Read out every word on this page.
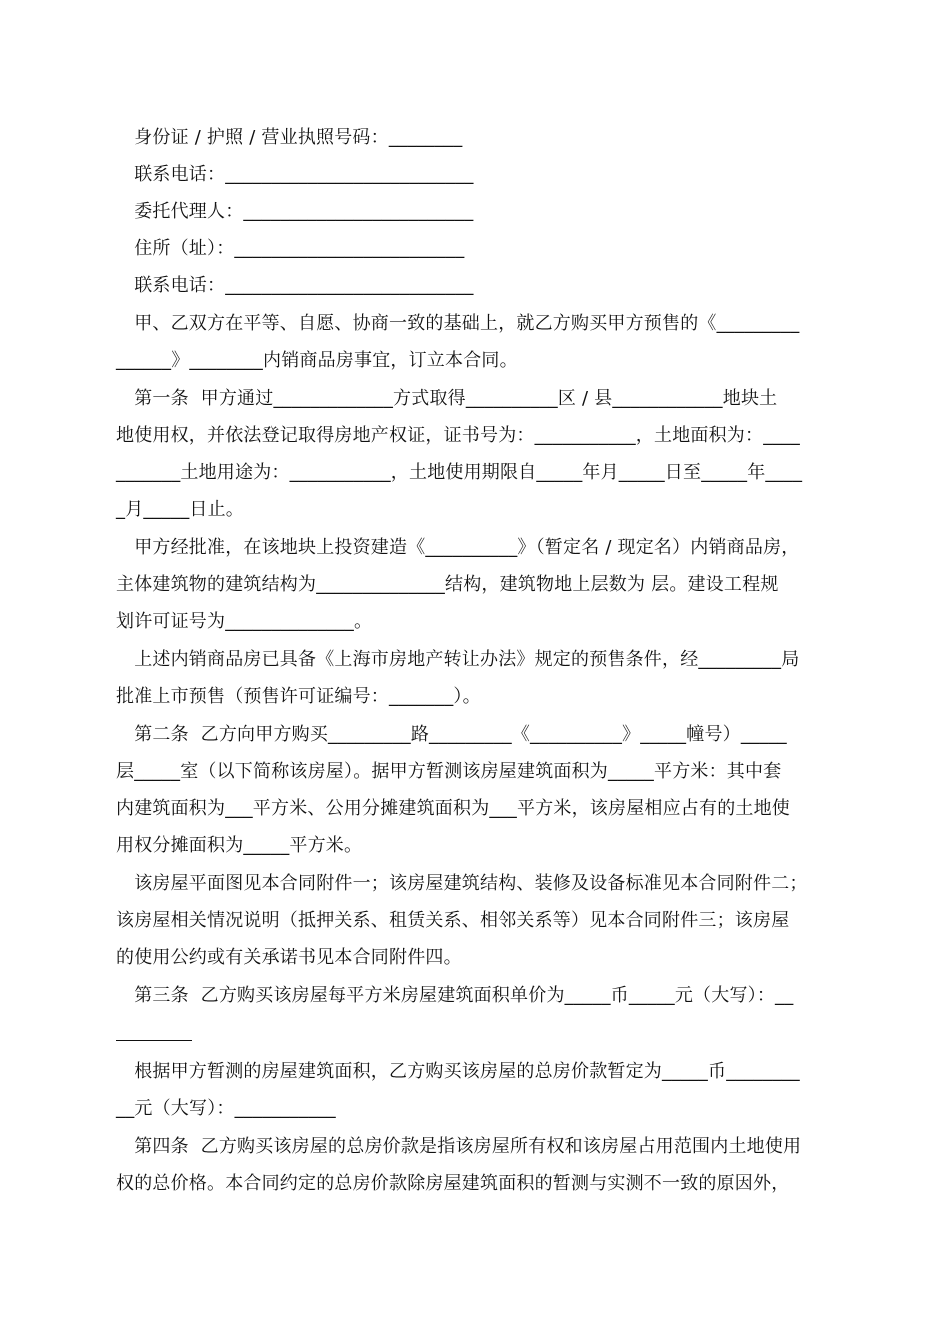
　身份证 / 护照 / 营业执照号码：________
　联系电话：___________________________
　委托代理人：_________________________
　住所（址）：_________________________
　联系电话：___________________________
　甲、乙双方在平等、自愿、协商一致的基础上，就乙方购买甲方预售的《_________
______》________内销商品房事宜，订立本合同。
　第一条  甲方通过_____________方式取得__________区 / 县____________地块土
地使用权，并依法登记取得房地产权证，证书号为：___________，土地面积为：____
_______土地用途为：___________，土地使用期限自_____年月_____日至_____年____
_月_____日止。
　甲方经批准，在该地块上投资建造《__________》（暂定名 / 现定名）内销商品房，
主体建筑物的建筑结构为______________结构，建筑物地上层数为 层。建设工程规
划许可证号为______________。
　上述内销商品房已具备《上海市房地产转让办法》规定的预售条件，经_________局
批准上市预售（预售许可证编号：_______）。
　第二条  乙方向甲方购买_________路_________《__________》_____幢号）_____
层_____室（以下简称该房屋）。据甲方暂测该房屋建筑面积为_____平方米：其中套
内建筑面积为___平方米、公用分摊建筑面积为___平方米，该房屋相应占有的土地使
用权分摊面积为_____平方米。
　该房屋平面图见本合同附件一；该房屋建筑结构、装修及设备标准见本合同附件二；
该房屋相关情况说明（抵押关系、租赁关系、相邻关系等）见本合同附件三；该房屋
的使用公约或有关承诺书见本合同附件四。
　第三条  乙方购买该房屋每平方米房屋建筑面积单价为_____币_____元（大写）：__
　根据甲方暂测的房屋建筑面积，乙方购买该房屋的总房价款暂定为_____币________
__元（大写）：___________
　第四条  乙方购买该房屋的总房价款是指该房屋所有权和该房屋占用范围内土地使用
权的总价格。本合同约定的总房价款除房屋建筑面积的暂测与实测不一致的原因外，
